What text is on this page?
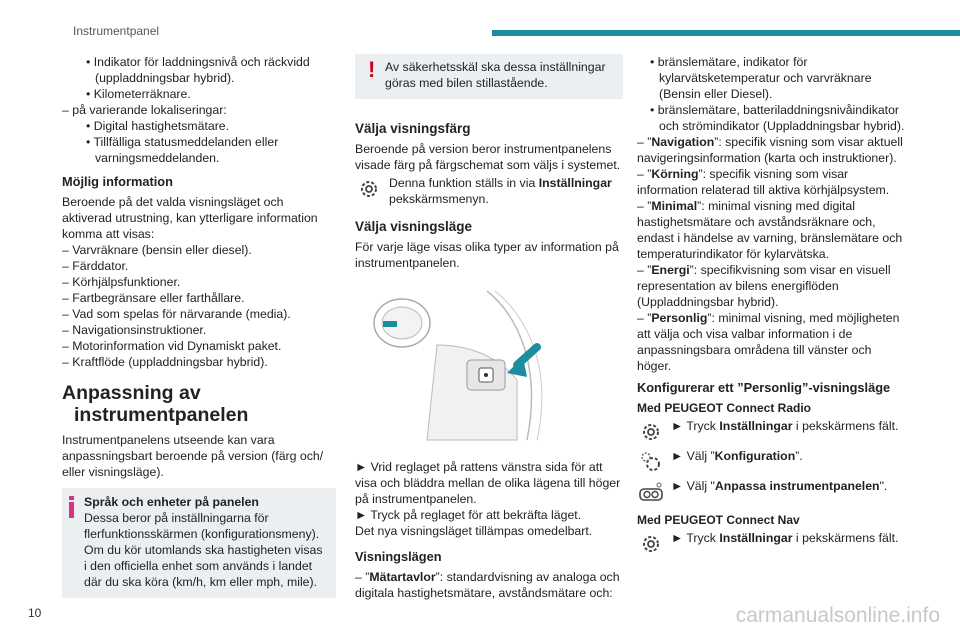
Instrumentpanel

• Indikator för laddningsnivå och räckvidd (uppladdningsbar hybrid).

• Kilometerräknare.

– på varierande lokaliseringar:

• Digital hastighetsmätare.

• Tillfälliga statusmeddelanden eller varningsmeddelanden.

Möjlig information

Beroende på det valda visningsläget och aktiverad utrustning, kan ytterligare information komma att visas:

– Varvräknare (bensin eller diesel).

– Färddator.

– Körhjälpsfunktioner.

– Fartbegränsare eller farthållare.

– Vad som spelas för närvarande (media).

– Navigationsinstruktioner.

– Motorinformation vid Dynamiskt paket.

– Kraftflöde (uppladdningsbar hybrid).

Anpassning av
instrumentpanelen

Instrumentpanelens utseende kan vara anpassningsbart beroende på version (färg och/ eller visningsläge).

Språk och enheter på panelen

Dessa beror på inställningarna för flerfunktionsskärmen (konfigurationsmeny). Om du kör utomlands ska hastigheten visas i den officiella enhet som används i landet där du ska köra (km/h, km eller mph, mile).

! Av säkerhetsskäl ska dessa inställningar göras med bilen stillastående.

Välja visningsfärg

Beroende på version beror instrumentpanelens visade färg på färgschemat som väljs i systemet.

Denna funktion ställs in via Inställningar pekskärmsmenyn.

Välja visningsläge

För varje läge visas olika typer av information på instrumentpanelen.

► Vrid reglaget på rattens vänstra sida för att visa och bläddra mellan de olika lägena till höger på instrumentpanelen.

► Tryck på reglaget för att bekräfta läget.

Det nya visningsläget tillämpas omedelbart.

Visningslägen

– ”Mätartavlor”: standardvisning av analoga och digitala hastighetsmätare, avståndsmätare och:

• bränslemätare, indikator för kylarvätsketemperatur och varvräknare (Bensin eller Diesel).

• bränslemätare, batteriladdningsnivåindikator och strömindikator (Uppladdningsbar hybrid).

– ”Navigation”: specifik visning som visar aktuell navigeringsinformation (karta och instruktioner).

– ”Körning”: specifik visning som visar information relaterad till aktiva körhjälpsystem.

– ”Minimal”: minimal visning med digital hastighetsmätare och avståndsräknare och, endast i händelse av varning, bränslemätare och temperaturindikator för kylarvätska.

– ”Energi”: specifikvisning som visar en visuell representation av bilens energiflöden (Uppladdningsbar hybrid).

– ”Personlig”: minimal visning, med möjligheten att välja och visa valbar information i de anpassningsbara områdena till vänster och höger.

Konfigurerar ett ”Personlig”-visningsläge

Med PEUGEOT Connect Radio

► Tryck Inställningar i pekskärmens fält.

► Välj ”Konfiguration”.

► Välj "Anpassa instrumentpanelen".

Med PEUGEOT Connect Nav

► Tryck Inställningar i pekskärmens fält.

10	carmanualsonline.info
